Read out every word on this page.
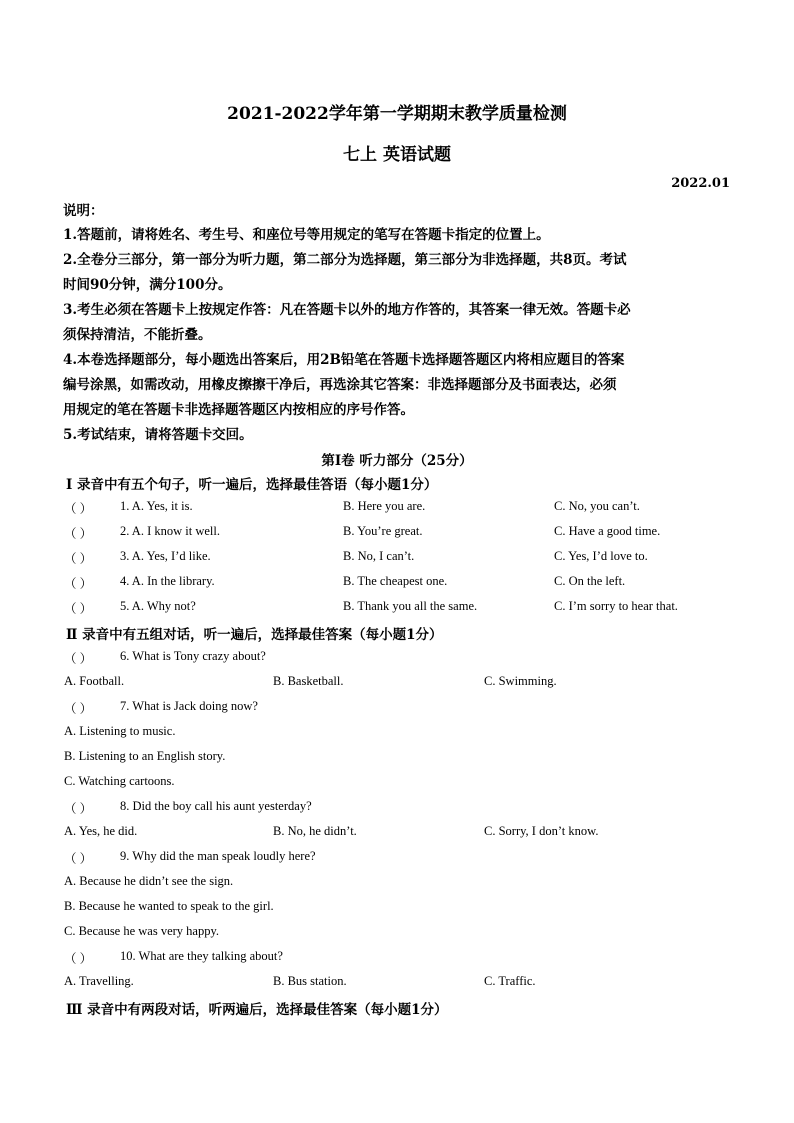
2021-2022学年第一学期期末教学质量检测
七上 英语试题
2022.01
说明：
1.答题前，请将姓名、考生号、和座位号等用规定的笔写在答题卡指定的位置上。
2.全卷分三部分，第一部分为听力题，第二部分为选择题，第三部分为非选择题，共8页。考试
时间90分钟，满分100分。
3.考生必须在答题卡上按规定作答：凡在答题卡以外的地方作答的，其答案一律无效。答题卡必
须保持清洁，不能折叠。
4.本卷选择题部分，每小题选出答案后，用2B铅笔在答题卡选择题答题区内将相应题目的答案
编号涂黑，如需改动，用橡皮擦擦干净后，再选涂其它答案：非选择题部分及书面表达，必须
用规定的笔在答题卡非选择题答题区内按相应的序号作答。
5.考试结束，请将答题卡交回。
第Ⅰ卷 听力部分（25分）
Ⅰ 录音中有五个句子，听一遍后，选择最佳答语（每小题1分）
（ ） 1. A. Yes, it is.	B. Here you are.	C. No, you can’t.
（ ） 2. A. I know it well.	B. You’re great.	C. Have a good time.
（ ） 3. A. Yes, I’d like.	B. No, I can’t.	C. Yes, I’d love to.
（ ） 4. A. In the library.	B. The cheapest one.	C. On the left.
（ ） 5. A. Why not?	B. Thank you all the same.	C. I’m sorry to hear that.
Ⅱ 录音中有五组对话，听一遍后，选择最佳答案（每小题1分）
（ ） 6. What is Tony crazy about?
A. Football.	B. Basketball.	C. Swimming.
（ ） 7. What is Jack doing now?
A. Listening to music.
B. Listening to an English story.
C. Watching cartoons.
（ ） 8. Did the boy call his aunt yesterday?
A. Yes, he did.	B. No, he didn’t.	C. Sorry, I don’t know.
（ ） 9. Why did the man speak loudly here?
A. Because he didn’t see the sign.
B. Because he wanted to speak to the girl.
C. Because he was very happy.
（ ） 10. What are they talking about?
A. Travelling.	B. Bus station.	C. Traffic.
Ⅲ 录音中有两段对话，听两遍后，选择最佳答案（每小题1分）
